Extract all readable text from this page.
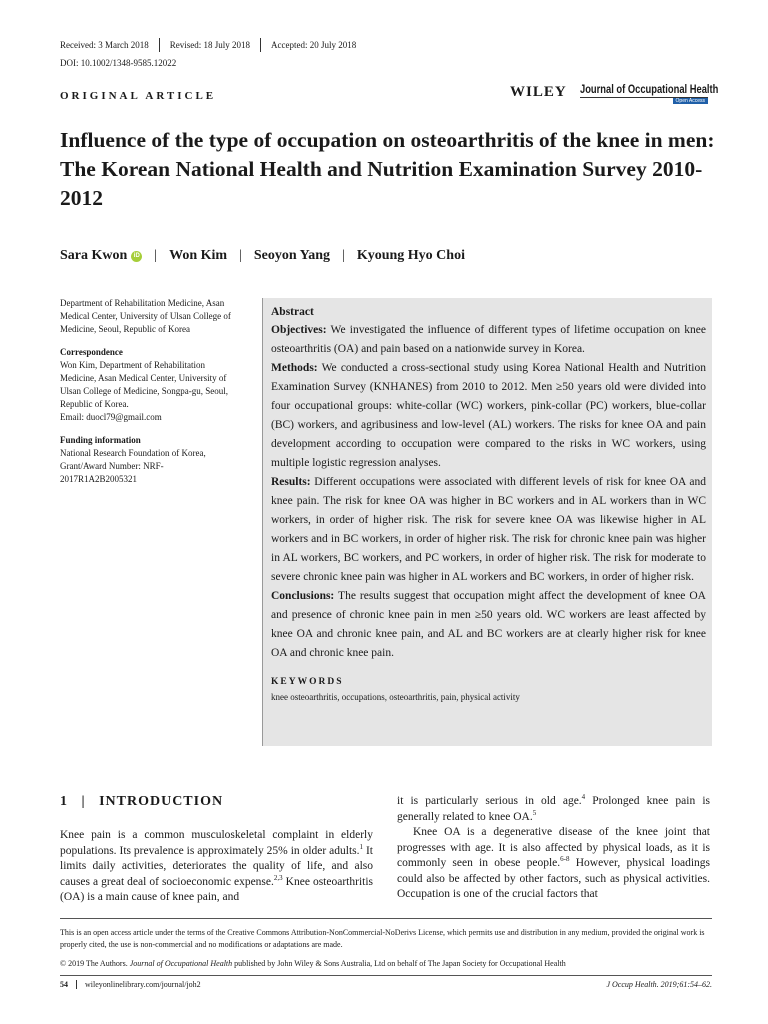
Received: 3 March 2018	Revised: 18 July 2018	Accepted: 20 July 2018
DOI: 10.1002/1348-9585.12022
ORIGINAL ARTICLE	WILEY Journal of Occupational Health
Open Access
Influence of the type of occupation on osteoarthritis of the knee in men: The Korean National Health and Nutrition Examination Survey 2010-2012
Sara Kwon	iD | Won Kim | Seoyon Yang | Kyoung Hyo Choi

Department of Rehabilitation Medicine, Asan Medical Center, University of Ulsan College of Medicine, Seoul, Republic of Korea

Correspondence

Won Kim, Department of Rehabilitation Medicine, Asan Medical Center, University of Ulsan College of Medicine, Songpa-gu, Seoul, Republic of Korea.

Email: duocl79@gmail.com

Funding information

National Research Foundation of Korea, Grant/Award Number: NRF-2017R1A2B2005321

Abstract

Objectives: We investigated the influence of different types of lifetime occupation on knee osteoarthritis (OA) and pain based on a nationwide survey in Korea.
Methods: We conducted a cross-sectional study using Korea National Health and Nutrition Examination Survey (KNHANES) from 2010 to 2012. Men ≥50 years old were divided into four occupational groups: white-collar (WC) workers, pink-collar (PC) workers, blue-collar (BC) workers, and agribusiness and low-level (AL) workers. The risks for knee OA and pain development according to occupation were compared to the risks in WC workers, using multiple logistic regression analyses.
Results: Different occupations were associated with different levels of risk for knee OA and knee pain. The risk for knee OA was higher in BC workers and in AL workers than in WC workers, in order of higher risk. The risk for severe knee OA was likewise higher in AL workers and in BC workers, in order of higher risk. The risk for chronic knee pain was higher in AL workers, BC workers, and PC workers, in order of higher risk. The risk for moderate to severe chronic knee pain was higher in AL workers and BC workers, in order of higher risk.
Conclusions: The results suggest that occupation might affect the development of knee OA and presence of chronic knee pain in men ≥50 years old. WC workers are least affected by knee OA and chronic knee pain, and AL and BC workers are at clearly higher risk for knee OA and chronic knee pain.

KEYWORDS
knee osteoarthritis, occupations, osteoarthritis, pain, physical activity
1   |   INTRODUCTION

Knee pain is a common musculoskeletal complaint in elderly populations. Its prevalence is approximately 25% in older adults.$^1$ It limits daily activities, deteriorates the quality of life, and also causes a great deal of socioeconomic expense.$^{2,3}$ Knee osteoarthritis (OA) is a main cause of knee pain, and

it is particularly serious in old age.$^4$ Prolonged knee pain is generally related to knee OA.$^5$

Knee OA is a degenerative disease of the knee joint that progresses with age. It is also affected by physical loads, as it is commonly seen in obese people.$^{6-8}$ However, physical loadings could also be affected by other factors, such as physical activities. Occupation is one of the crucial factors that

This is an open access article under the terms of the Creative Commons Attribution-NonCommercial-NoDerivs License, which permits use and distribution in any medium, provided the original work is properly cited, the use is non-commercial and no modifications or adaptations are made.
© 2019 The Authors. Journal of Occupational Health published by John Wiley & Sons Australia, Ltd on behalf of The Japan Society for Occupational Health
54	wileyonlinelibrary.com/journal/joh2	J Occup Health. 2019;61:54–62.
